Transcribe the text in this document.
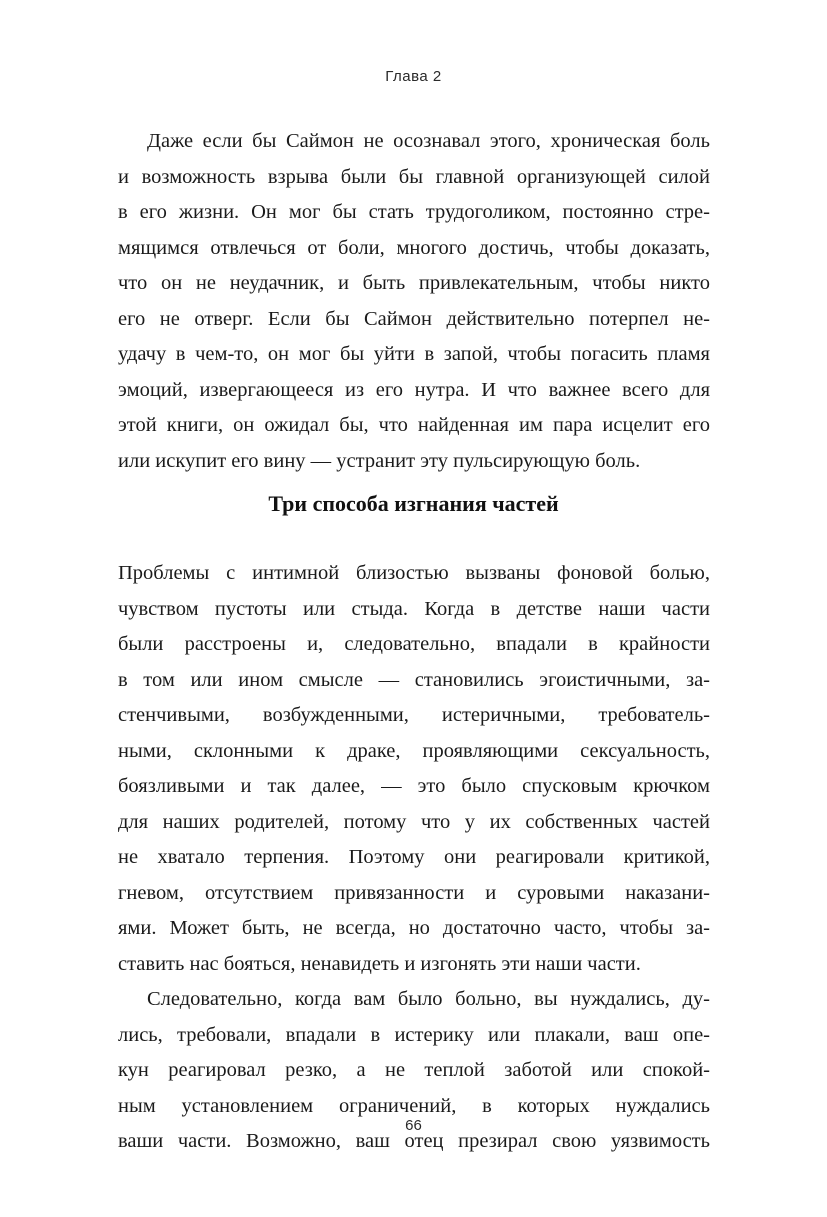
Глава 2
Даже если бы Саймон не осознавал этого, хроническая боль
и возможность взрыва были бы главной организующей силой
в его жизни. Он мог бы стать трудоголиком, постоянно стре-
мящимся отвлечься от боли, многого достичь, чтобы доказать,
что он не неудачник, и быть привлекательным, чтобы никто
его не отверг. Если бы Саймон действительно потерпел не-
удачу в чем-то, он мог бы уйти в запой, чтобы погасить пламя
эмоций, извергающееся из его нутра. И что важнее всего для
этой книги, он ожидал бы, что найденная им пара исцелит его
или искупит его вину — устранит эту пульсирующую боль.
Три способа изгнания частей
Проблемы с интимной близостью вызваны фоновой болью,
чувством пустоты или стыда. Когда в детстве наши части
были расстроены и, следовательно, впадали в крайности
в том или ином смысле — становились эгоистичными, за-
стенчивыми, возбужденными, истеричными, требователь-
ными, склонными к драке, проявляющими сексуальность,
боязливыми и так далее, — это было спусковым крючком
для наших родителей, потому что у их собственных частей
не хватало терпения. Поэтому они реагировали критикой,
гневом, отсутствием привязанности и суровыми наказани-
ями. Может быть, не всегда, но достаточно часто, чтобы за-
ставить нас бояться, ненавидеть и изгонять эти наши части.
Следовательно, когда вам было больно, вы нуждались, ду-
лись, требовали, впадали в истерику или плакали, ваш опе-
кун реагировал резко, а не теплой заботой или спокой-
ным установлением ограничений, в которых нуждались
ваши части. Возможно, ваш отец презирал свою уязвимость
66
